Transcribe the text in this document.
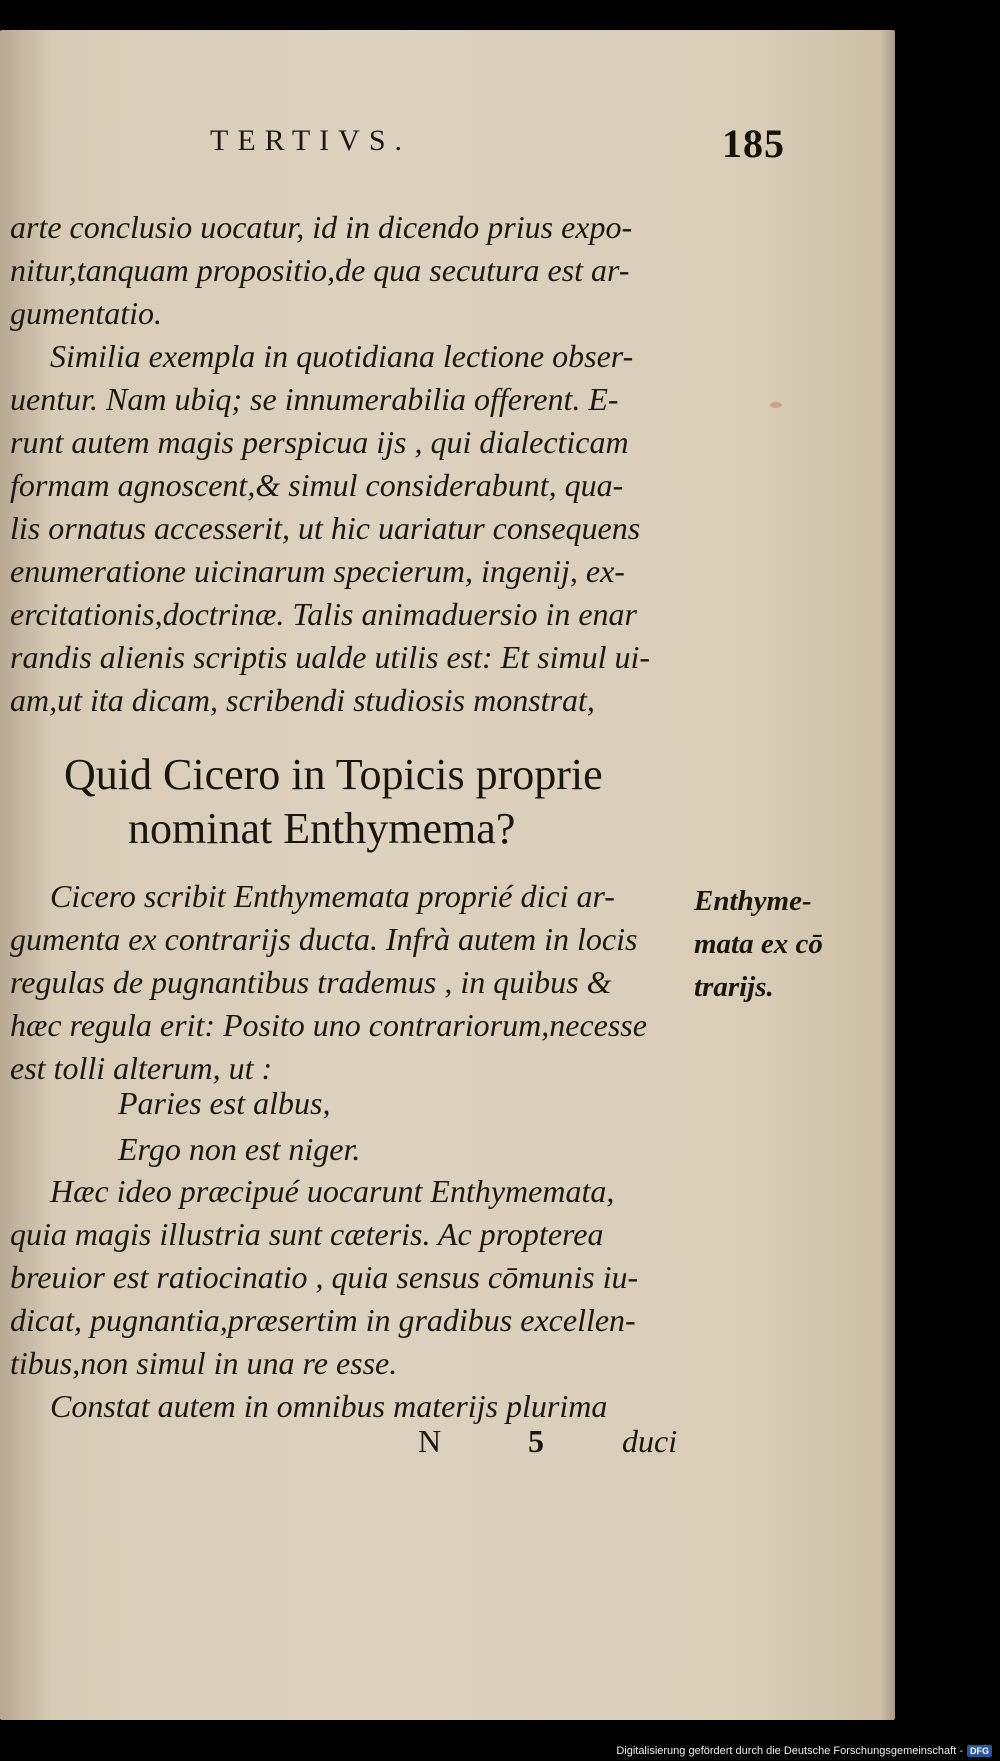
TERTIVS.	185
arte conclusio uocatur, id in dicendo prius expo-
nitur,tanquam propositio,de qua secutura est ar-
gumentatio.
Similia exempla in quotidiana lectione obser-
uentur. Nam ubiq; se innumerabilia offerent. E-
runt autem magis perspicua ijs , qui dialecticam
formam agnoscent,& simul considerabunt, qua-
lis ornatus accesserit, ut hic uariatur consequens
enumeratione uicinarum specierum, ingenij, ex-
ercitationis,doctrinæ. Talis animaduersio in enar
randis alienis scriptis ualde utilis est: Et simul ui-
am,ut ita dicam, scribendi studiosis monstrat,
Quid Cicero in Topicis proprie
nominat Enthymema?
Cicero scribit Enthymemata proprié dici ar-
gumenta ex contrarijs ducta. Infrà autem in locis
regulas de pugnantibus trademus , in quibus &
hæc regula erit: Posito uno contrariorum,necesse
est tolli alterum, ut :
Paries est albus,
Ergo non est niger.
Hæc ideo præcipué uocarunt Enthymemata,
quia magis illustria sunt cæteris. Ac propterea
breuior est ratiocinatio , quia sensus cōmunis iu-
dicat, pugnantia,præsertim in gradibus excellen-
tibus,non simul in una re esse.
Constat autem in omnibus materijs plurima
Enthyme-
mata ex cō
trarijs.
N	5 duci
Digitalisierung gefördert durch die Deutsche Forschungsgemeinschaft - DFG
